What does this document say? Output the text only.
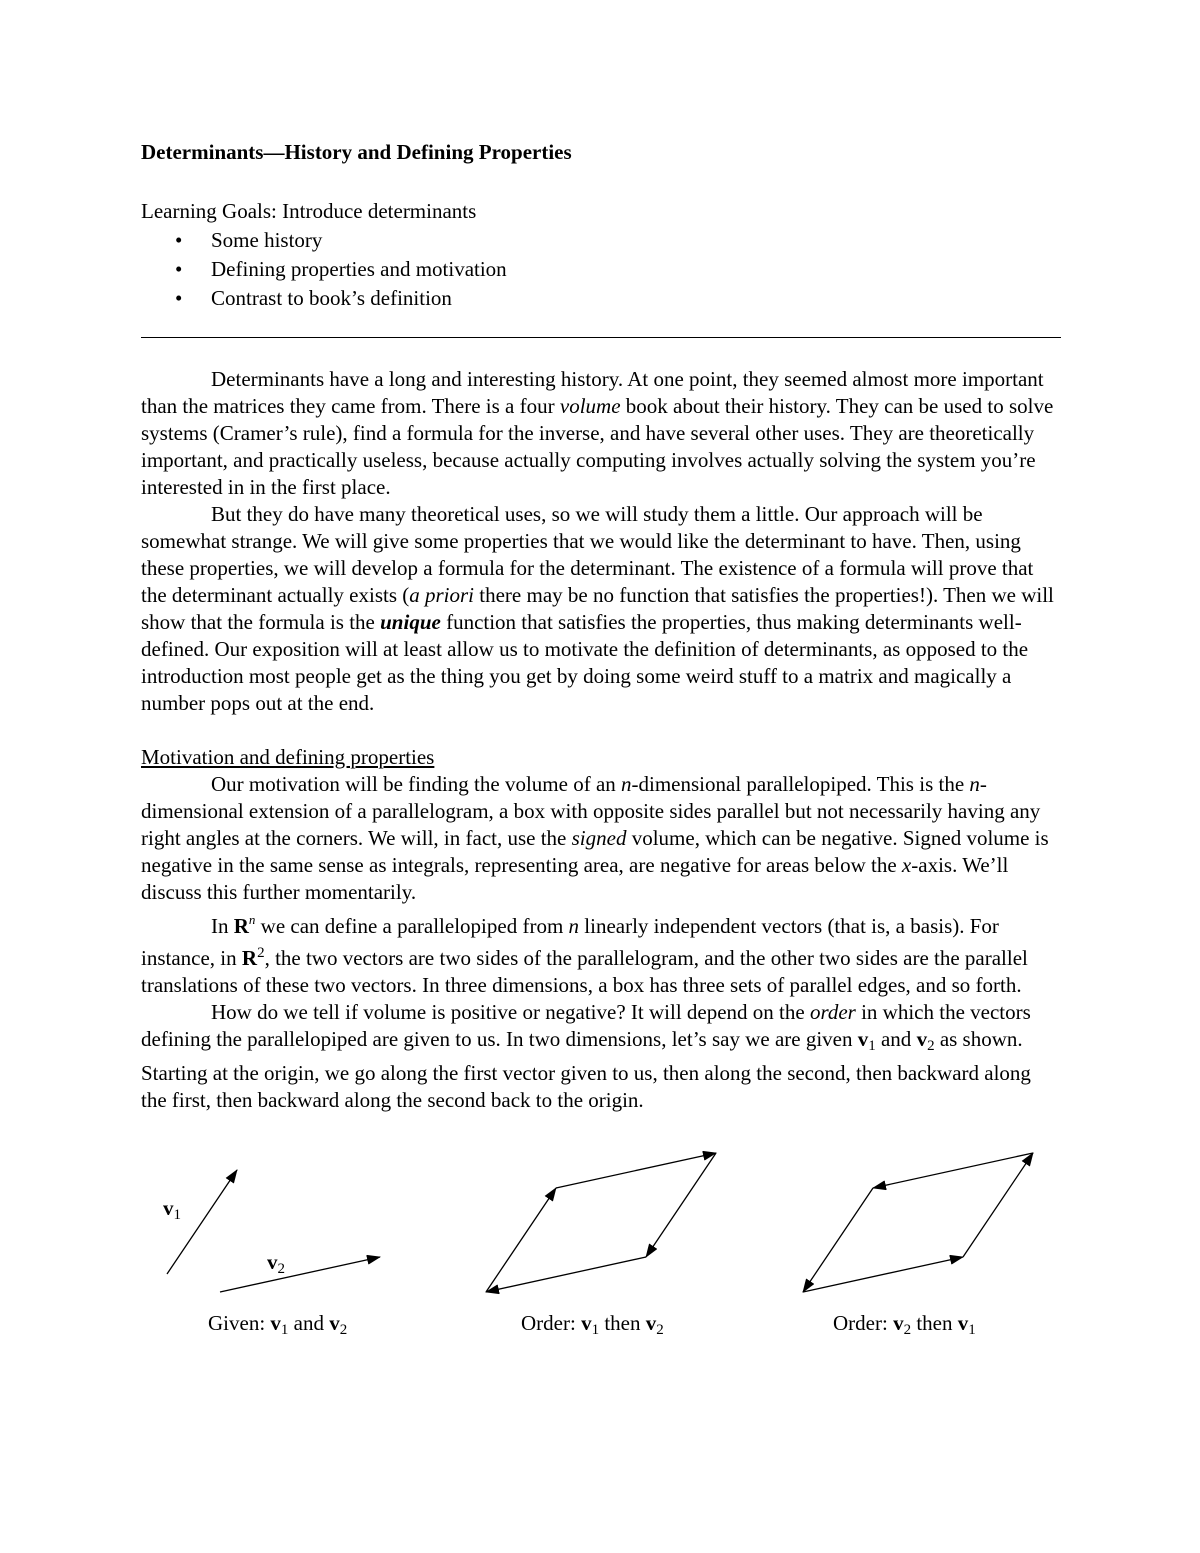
Determinants—History and Defining Properties
Learning Goals: Introduce determinants
• Some history
• Defining properties and motivation
• Contrast to book’s definition

Determinants have a long and interesting history. At one point, they seemed almost more important than the matrices they came from. There is a four volume book about their history. They can be used to solve systems (Cramer’s rule), find a formula for the inverse, and have several other uses. They are theoretically important, and practically useless, because actually computing involves actually solving the system you’re interested in in the first place.

But they do have many theoretical uses, so we will study them a little. Our approach will be somewhat strange. We will give some properties that we would like the determinant to have. Then, using these properties, we will develop a formula for the determinant. The existence of a formula will prove that the determinant actually exists (a priori there may be no function that satisfies the properties!). Then we will show that the formula is the unique function that satisfies the properties, thus making determinants well-defined. Our exposition will at least allow us to motivate the definition of determinants, as opposed to the introduction most people get as the thing you get by doing some weird stuff to a matrix and magically a number pops out at the end.

Motivation and defining properties

Our motivation will be finding the volume of an n-dimensional parallelopiped. This is the n-dimensional extension of a parallelogram, a box with opposite sides parallel but not necessarily having any right angles at the corners. We will, in fact, use the signed volume, which can be negative. Signed volume is negative in the same sense as integrals, representing area, are negative for areas below the x-axis. We’ll discuss this further momentarily.

In $R^n$ we can define a parallelopiped from n linearly independent vectors (that is, a basis). For instance, in $R^2$, the two vectors are two sides of the parallelogram, and the other two sides are the parallel translations of these two vectors. In three dimensions, a box has three sets of parallel edges, and so forth.

How do we tell if volume is positive or negative? It will depend on the order in which the vectors defining the parallelopiped are given to us. In two dimensions, let’s say we are given $v_1$ and $v_2$ as shown. Starting at the origin, we go along the first vector given to us, then along the second, then backward along the first, then backward along the second back to the origin.

$v_1$
$v_2$
Given: $v_1$ and $v_2$	Order: $v_1$ then $v_2$	Order: $v_2$ then $v_1$
